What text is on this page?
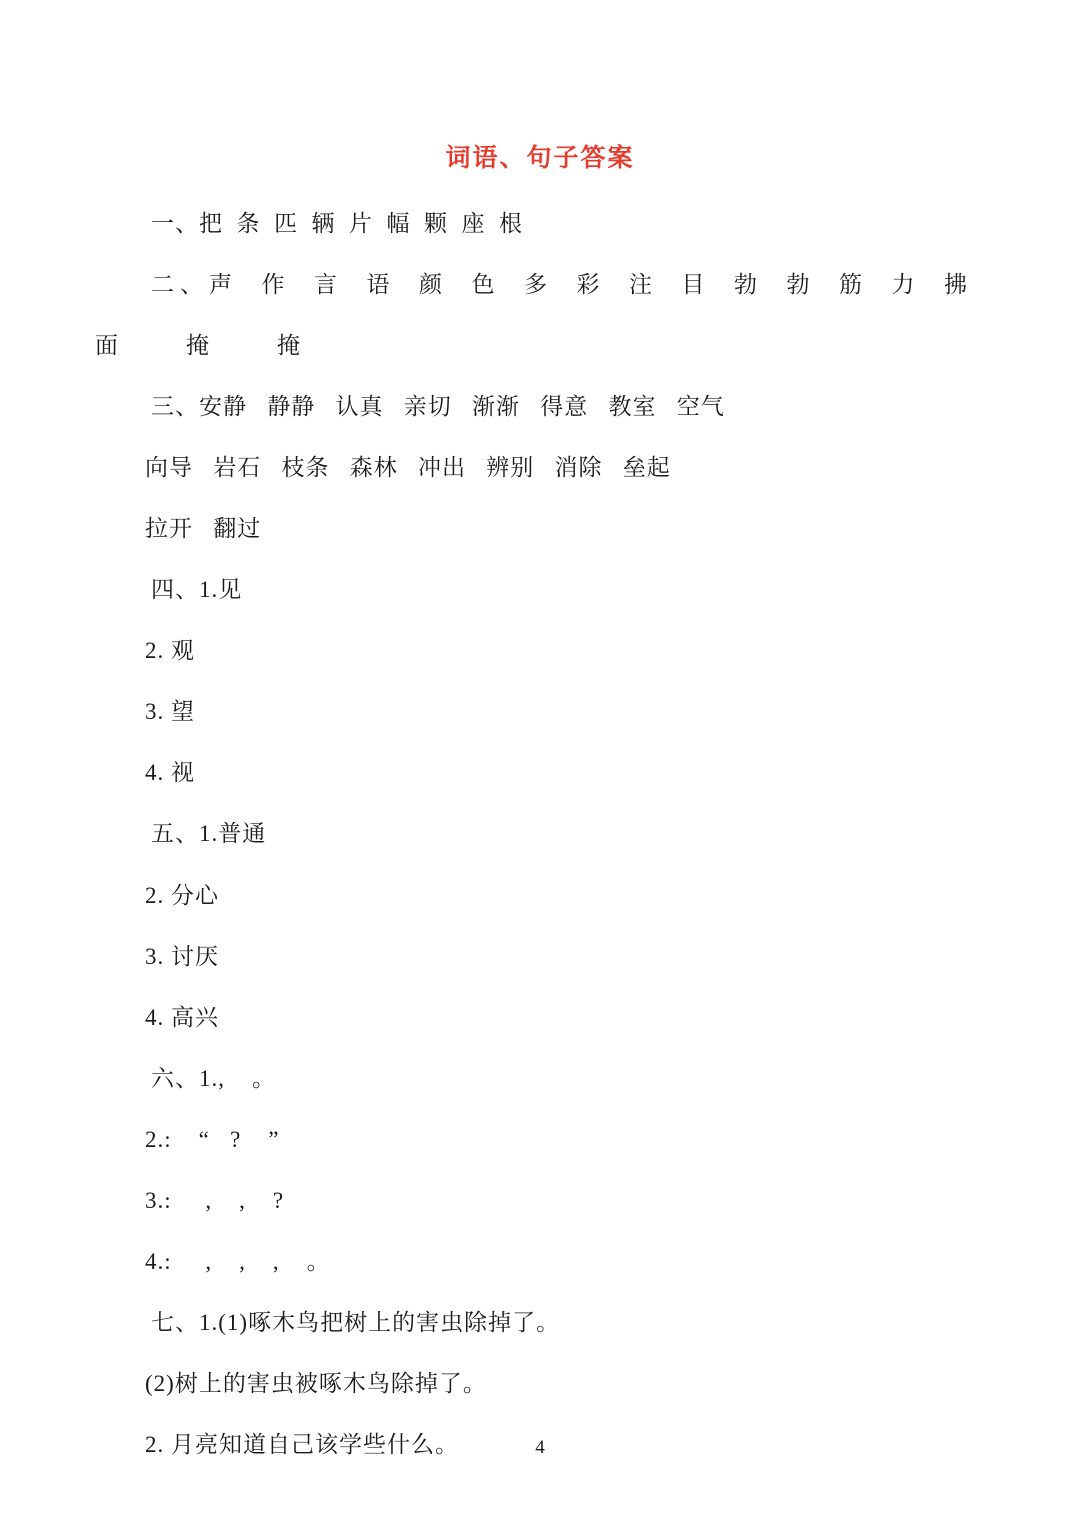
词语、句子答案
一、把  条  匹  辆  片  幅  颗  座  根
二、声  作  言  语  颜  色  多  彩  注  目  勃  勃  筋  力  拂
面    掩    掩
三、安静   静静   认真   亲切   渐渐   得意   教室   空气
向导   岩石   枝条   森林   冲出   辨别   消除   垒起
拉开   翻过
四、1.见
2. 观
3. 望
4. 视
五、1.普通
2. 分心
3. 讨厌
4. 高兴
六、1.,    。
2.:    “   ?    ”
3.:     ,    ,    ?
4.:     ,    ,    ,    。
七、1.(1)啄木鸟把树上的害虫除掉了。
(2)树上的害虫被啄木鸟除掉了。
2. 月亮知道自己该学些什么。	4
